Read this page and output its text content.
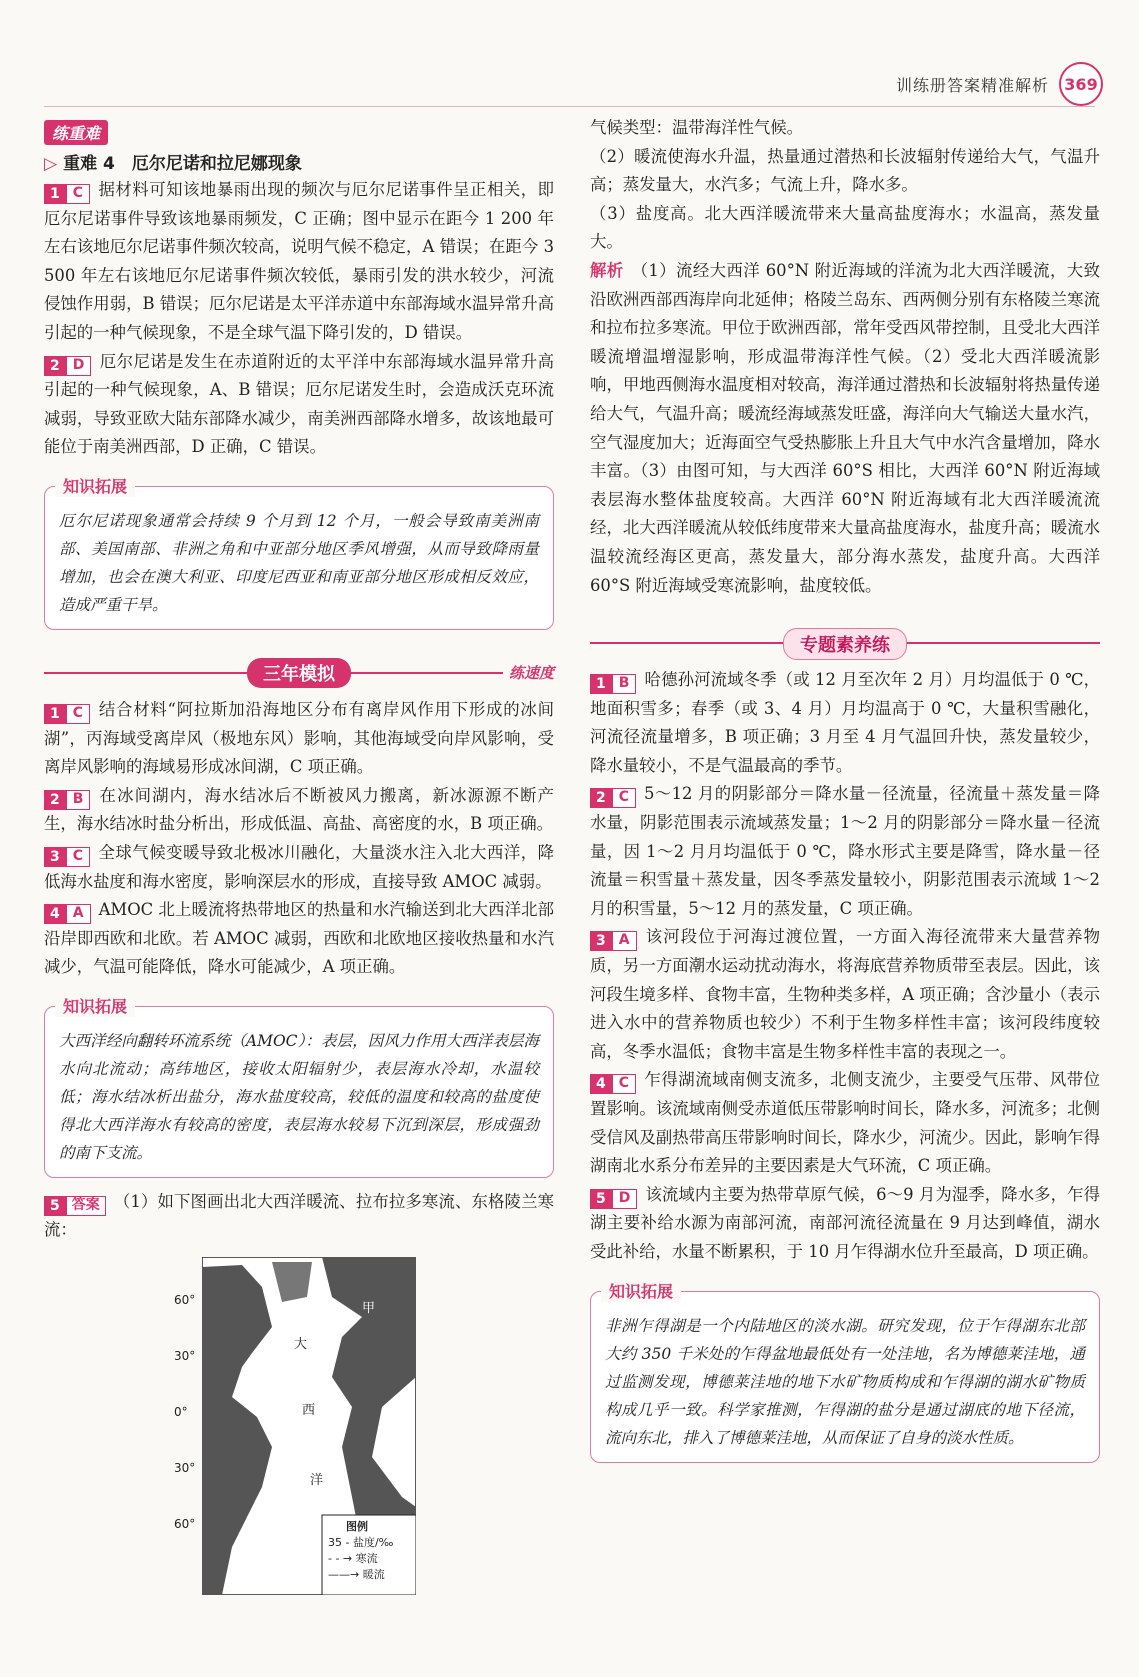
训练册答案精准解析 369
练重难
▷ 重难 4　厄尔尼诺和拉尼娜现象

1 C 据材料可知该地暴雨出现的频次与厄尔尼诺事件呈正相关，即厄尔尼诺事件导致该地暴雨频发，C 正确；图中显示在距今 1 200 年左右该地厄尔尼诺事件频次较高，说明气候不稳定，A 错误；在距今 3 500 年左右该地厄尔尼诺事件频次较低，暴雨引发的洪水较少，河流侵蚀作用弱，B 错误；厄尔尼诺是太平洋赤道中东部海域水温异常升高引起的一种气候现象，不是全球气温下降引发的，D 错误。

2 D 厄尔尼诺是发生在赤道附近的太平洋中东部海域水温异常升高引起的一种气候现象，A、B 错误；厄尔尼诺发生时，会造成沃克环流减弱，导致亚欧大陆东部降水减少，南美洲西部降水增多，故该地最可能位于南美洲西部，D 正确，C 错误。

知识拓展

厄尔尼诺现象通常会持续 9 个月到 12 个月，一般会导致南美洲南部、美国南部、非洲之角和中亚部分地区季风增强，从而导致降雨量增加，也会在澳大利亚、印度尼西亚和南亚部分地区形成相反效应，造成严重干旱。

三年模拟	练速度

1 C 结合材料“阿拉斯加沿海地区分布有离岸风作用下形成的冰间湖”，丙海域受离岸风（极地东风）影响，其他海域受向岸风影响，受离岸风影响的海域易形成冰间湖，C 项正确。

2 B 在冰间湖内，海水结冰后不断被风力搬离，新冰源源不断产生，海水结冰时盐分析出，形成低温、高盐、高密度的水，B 项正确。

3 C 全球气候变暖导致北极冰川融化，大量淡水注入北大西洋，降低海水盐度和海水密度，影响深层水的形成，直接导致 AMOC 减弱。

4 A AMOC 北上暖流将热带地区的热量和水汽输送到北大西洋北部沿岸即西欧和北欧。若 AMOC 减弱，西欧和北欧地区接收热量和水汽减少，气温可能降低，降水可能减少，A 项正确。

知识拓展

大西洋经向翻转环流系统（AMOC）：表层，因风力作用大西洋表层海水向北流动；高纬地区，接收太阳辐射少，表层海水冷却，水温较低；海水结冰析出盐分，海水盐度较高，较低的温度和较高的盐度使得北大西洋海水有较高的密度，表层海水较易下沉到深层，形成强劲的南下支流。

5 答案 （1）如下图画出北大西洋暖流、拉布拉多寒流、东格陵兰寒流：

60°
30°
0°
30°
60°
甲
大
西
洋
图例
35 - 盐度/‰
- - → 寒流
——→ 暖流

气候类型：温带海洋性气候。

（2）暖流使海水升温，热量通过潜热和长波辐射传递给大气，气温升高；蒸发量大，水汽多；气流上升，降水多。

（3）盐度高。北大西洋暖流带来大量高盐度海水；水温高，蒸发量大。

解析 （1）流经大西洋 60°N 附近海域的洋流为北大西洋暖流，大致沿欧洲西部西海岸向北延伸；格陵兰岛东、西两侧分别有东格陵兰寒流和拉布拉多寒流。甲位于欧洲西部，常年受西风带控制，且受北大西洋暖流增温增湿影响，形成温带海洋性气候。（2）受北大西洋暖流影响，甲地西侧海水温度相对较高，海洋通过潜热和长波辐射将热量传递给大气，气温升高；暖流经海域蒸发旺盛，海洋向大气输送大量水汽，空气湿度加大；近海面空气受热膨胀上升且大气中水汽含量增加，降水丰富。（3）由图可知，与大西洋 60°S 相比，大西洋 60°N 附近海域表层海水整体盐度较高。大西洋 60°N 附近海域有北大西洋暖流流经，北大西洋暖流从较低纬度带来大量高盐度海水，盐度升高；暖流水温较流经海区更高，蒸发量大，部分海水蒸发，盐度升高。大西洋 60°S 附近海域受寒流影响，盐度较低。

专题素养练

1 B 哈德孙河流域冬季（或 12 月至次年 2 月）月均温低于 0 ℃，地面积雪多；春季（或 3、4 月）月均温高于 0 ℃，大量积雪融化，河流径流量增多，B 项正确；3 月至 4 月气温回升快，蒸发量较少，降水量较小，不是气温最高的季节。

2 C 5～12 月的阴影部分＝降水量－径流量，径流量＋蒸发量＝降水量，阴影范围表示流域蒸发量；1～2 月的阴影部分＝降水量－径流量，因 1～2 月月均温低于 0 ℃，降水形式主要是降雪，降水量－径流量＝积雪量＋蒸发量，因冬季蒸发量较小，阴影范围表示流域 1～2 月的积雪量，5～12 月的蒸发量，C 项正确。

3 A 该河段位于河海过渡位置，一方面入海径流带来大量营养物质，另一方面潮水运动扰动海水，将海底营养物质带至表层。因此，该河段生境多样、食物丰富，生物种类多样，A 项正确；含沙量小（表示进入水中的营养物质也较少）不利于生物多样性丰富；该河段纬度较高，冬季水温低；食物丰富是生物多样性丰富的表现之一。

4 C 乍得湖流域南侧支流多，北侧支流少，主要受气压带、风带位置影响。该流域南侧受赤道低压带影响时间长，降水多，河流多；北侧受信风及副热带高压带影响时间长，降水少，河流少。因此，影响乍得湖南北水系分布差异的主要因素是大气环流，C 项正确。

5 D 该流域内主要为热带草原气候，6～9 月为湿季，降水多，乍得湖主要补给水源为南部河流，南部河流径流量在 9 月达到峰值，湖水受此补给，水量不断累积，于 10 月乍得湖水位升至最高，D 项正确。

知识拓展

非洲乍得湖是一个内陆地区的淡水湖。研究发现，位于乍得湖东北部大约 350 千米处的乍得盆地最低处有一处洼地，名为博德莱洼地，通过监测发现，博德莱洼地的地下水矿物质构成和乍得湖的湖水矿物质构成几乎一致。科学家推测，乍得湖的盐分是通过湖底的地下径流，流向东北，排入了博德莱洼地，从而保证了自身的淡水性质。
